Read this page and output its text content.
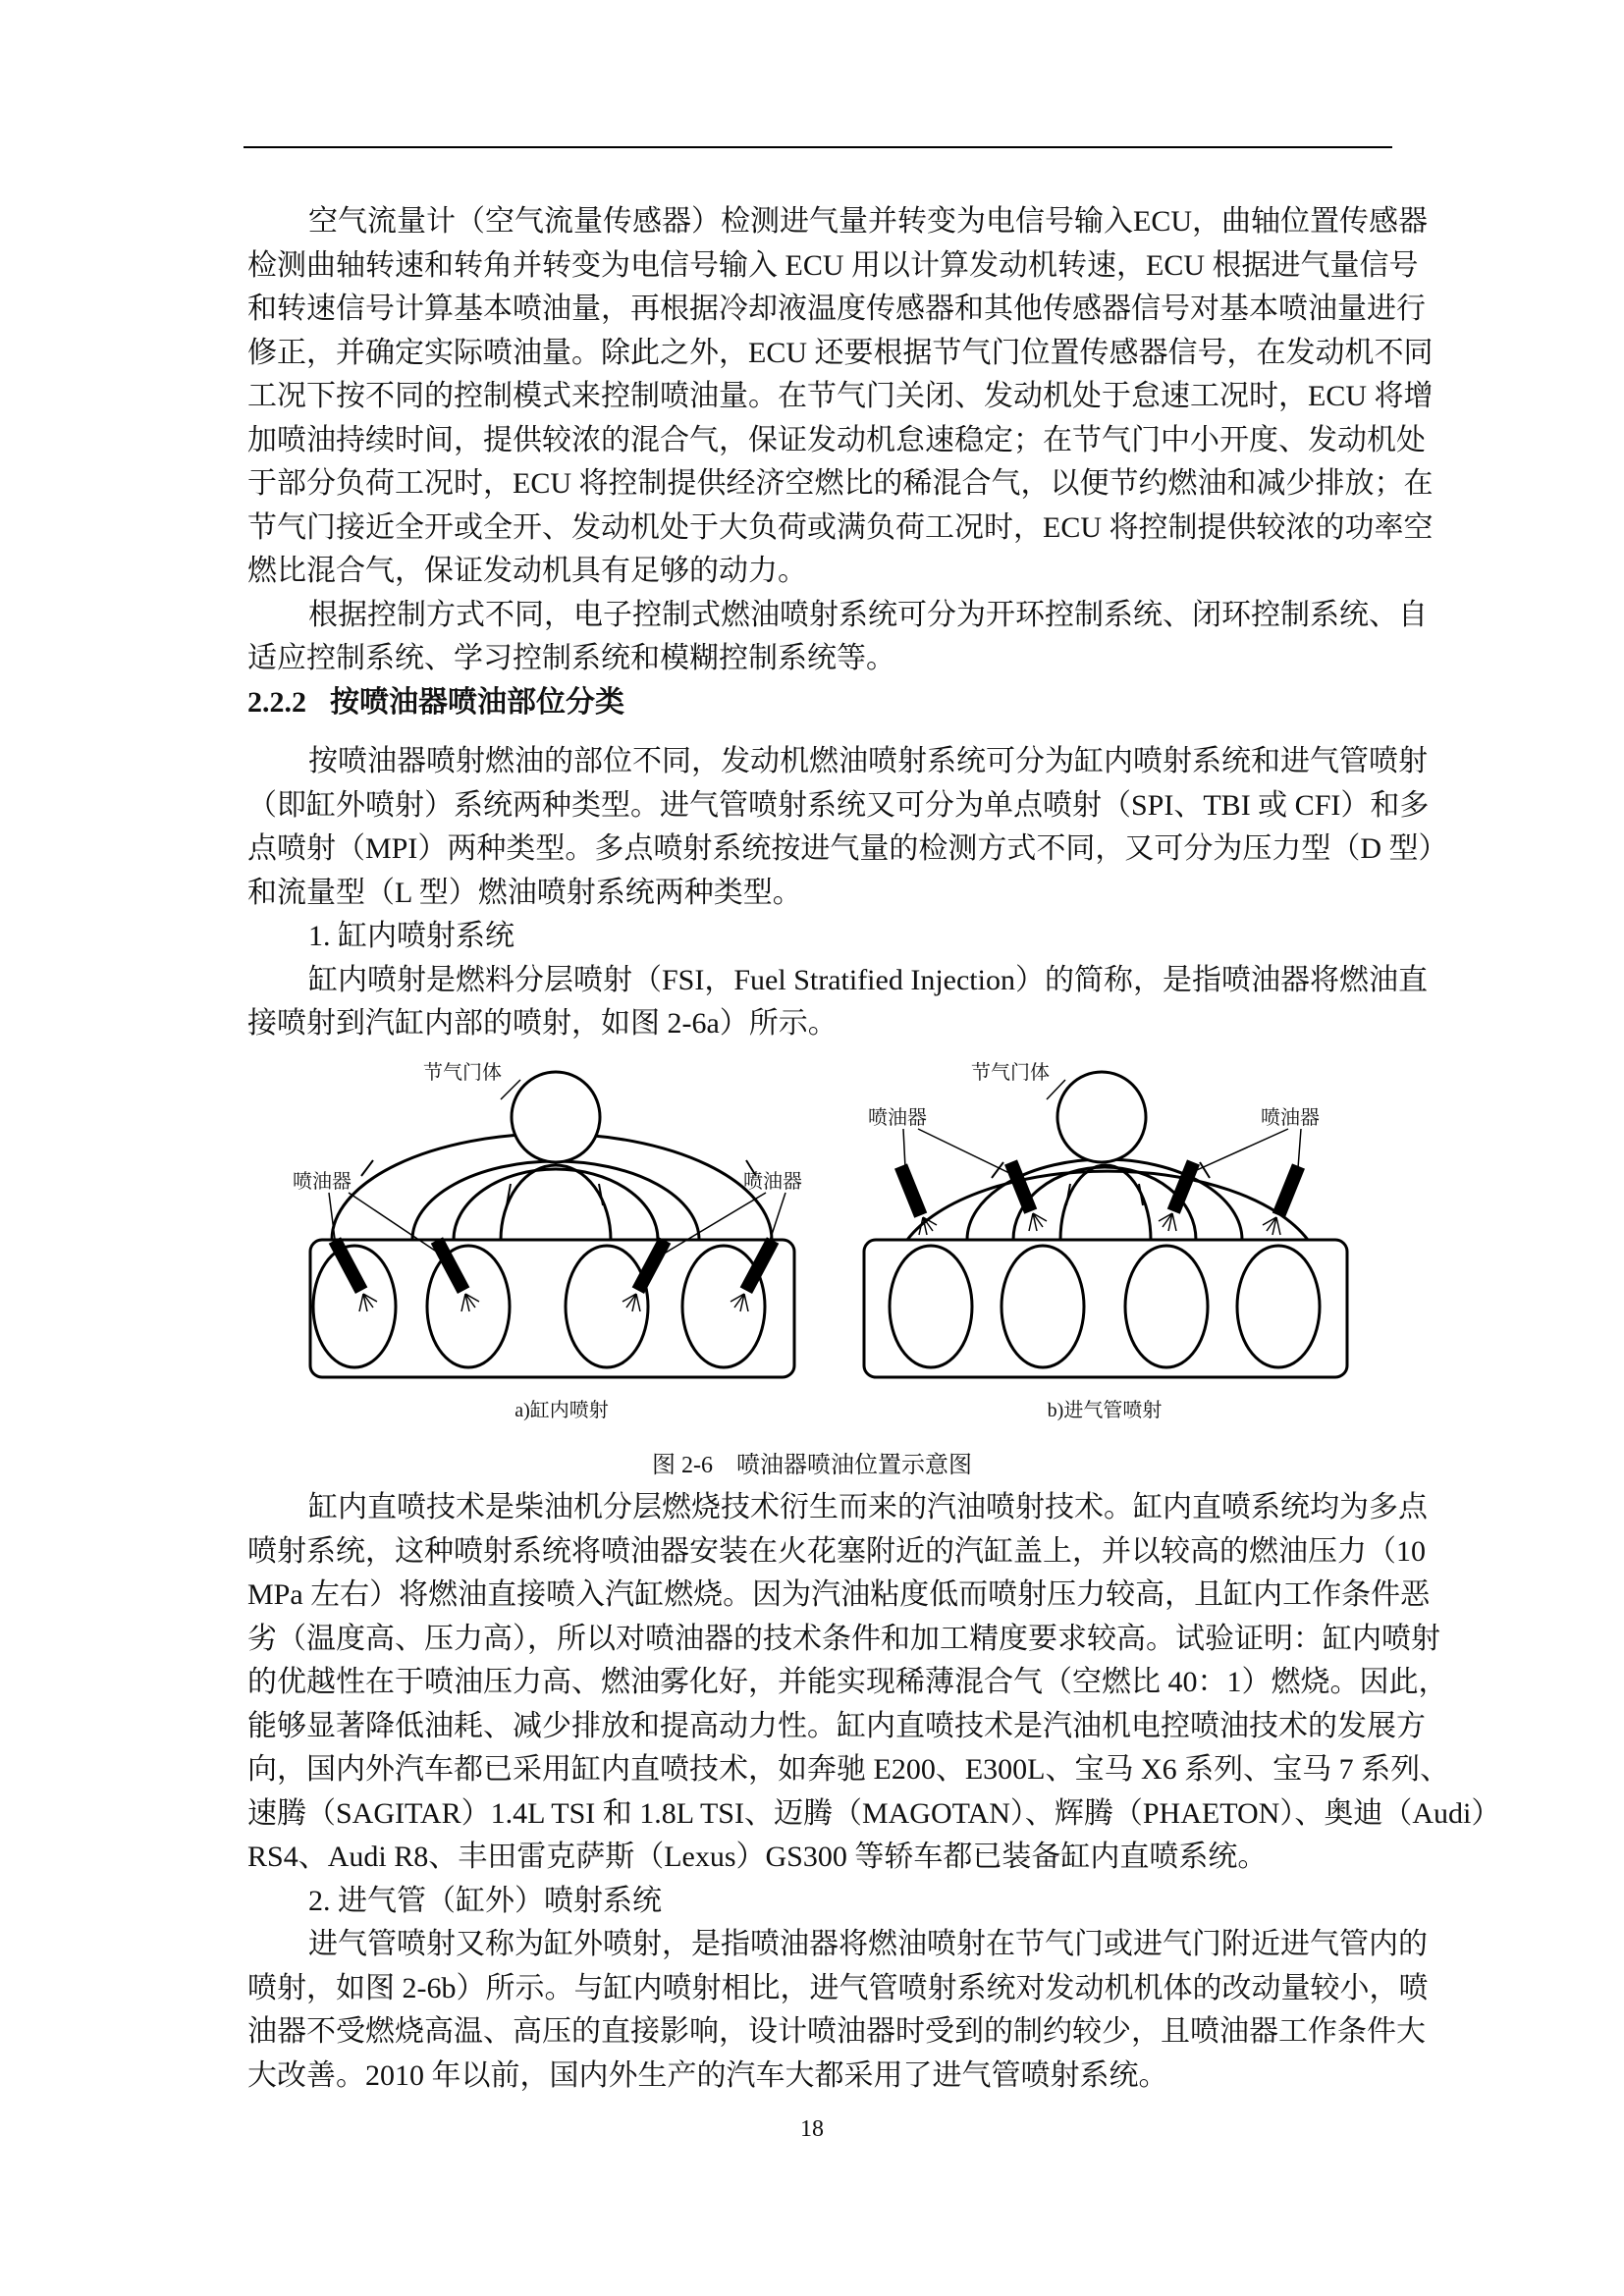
空气流量计（空气流量传感器）检测进气量并转变为电信号输入ECU，曲轴位置传感器
检测曲轴转速和转角并转变为电信号输入 ECU 用以计算发动机转速，ECU 根据进气量信号
和转速信号计算基本喷油量，再根据冷却液温度传感器和其他传感器信号对基本喷油量进行
修正，并确定实际喷油量。除此之外，ECU 还要根据节气门位置传感器信号，在发动机不同
工况下按不同的控制模式来控制喷油量。在节气门关闭、发动机处于怠速工况时，ECU 将增
加喷油持续时间，提供较浓的混合气，保证发动机怠速稳定；在节气门中小开度、发动机处
于部分负荷工况时，ECU 将控制提供经济空燃比的稀混合气，以便节约燃油和减少排放；在
节气门接近全开或全开、发动机处于大负荷或满负荷工况时，ECU 将控制提供较浓的功率空
燃比混合气，保证发动机具有足够的动力。
根据控制方式不同，电子控制式燃油喷射系统可分为开环控制系统、闭环控制系统、自
适应控制系统、学习控制系统和模糊控制系统等。
2.2.2 按喷油器喷油部位分类
按喷油器喷射燃油的部位不同，发动机燃油喷射系统可分为缸内喷射系统和进气管喷射
（即缸外喷射）系统两种类型。进气管喷射系统又可分为单点喷射（SPI、TBI 或 CFI）和多
点喷射（MPI）两种类型。多点喷射系统按进气量的检测方式不同，又可分为压力型（D 型）
和流量型（L 型）燃油喷射系统两种类型。
1. 缸内喷射系统
缸内喷射是燃料分层喷射（FSI，Fuel Stratified Injection）的简称，是指喷油器将燃油直
接喷射到汽缸内部的喷射，如图 2-6a）所示。
节气门体
喷油器	喷油器
节气门体
喷油器	喷油器
a)缸内喷射	b)进气管喷射
图 2-6 喷油器喷油位置示意图
缸内直喷技术是柴油机分层燃烧技术衍生而来的汽油喷射技术。缸内直喷系统均为多点
喷射系统，这种喷射系统将喷油器安装在火花塞附近的汽缸盖上，并以较高的燃油压力（10
MPa 左右）将燃油直接喷入汽缸燃烧。因为汽油粘度低而喷射压力较高，且缸内工作条件恶
劣（温度高、压力高），所以对喷油器的技术条件和加工精度要求较高。试验证明：缸内喷射
的优越性在于喷油压力高、燃油雾化好，并能实现稀薄混合气（空燃比 40：1）燃烧。因此，
能够显著降低油耗、减少排放和提高动力性。缸内直喷技术是汽油机电控喷油技术的发展方
向，国内外汽车都已采用缸内直喷技术，如奔驰 E200、E300L、宝马 X6 系列、宝马 7 系列、
速腾（SAGITAR）1.4L TSI 和 1.8L TSI、迈腾（MAGOTAN）、辉腾（PHAETON）、奥迪（Audi）
RS4、Audi R8、丰田雷克萨斯（Lexus）GS300 等轿车都已装备缸内直喷系统。
2. 进气管（缸外）喷射系统
进气管喷射又称为缸外喷射，是指喷油器将燃油喷射在节气门或进气门附近进气管内的
喷射，如图 2-6b）所示。与缸内喷射相比，进气管喷射系统对发动机机体的改动量较小，喷
油器不受燃烧高温、高压的直接影响，设计喷油器时受到的制约较少，且喷油器工作条件大
大改善。2010 年以前，国内外生产的汽车大都采用了进气管喷射系统。
18
